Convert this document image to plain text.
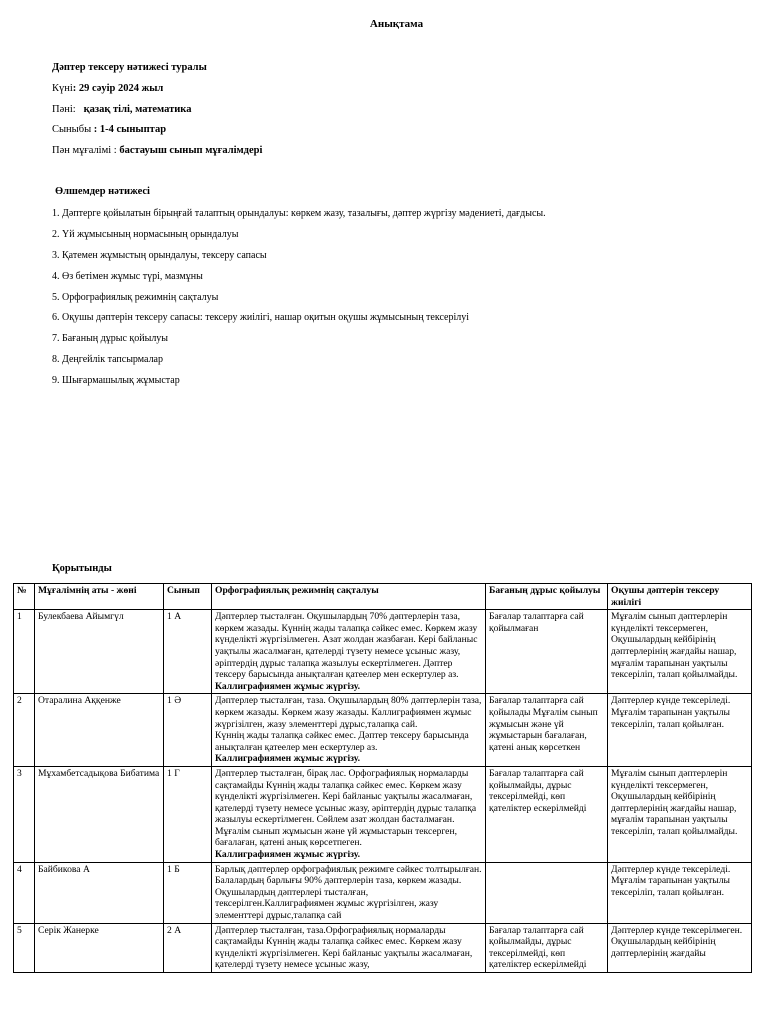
Анықтама
Дәптер тексеру нәтижесі туралы
Күні: 29 сәуір 2024 жыл
Пәні: қазақ тілі, математика
Сыныбы : 1-4 сыныптар
Пән мұғалімі : бастауыш сынып мұғалімдері
Өлшемдер нәтижесі
1. Дәптерге қойылатын бірыңғай талаптың орындалуы: көркем жазу, тазалығы, дәптер жүргізу мәдениеті, дағдысы.
2. Үй жұмысының нормасының орындалуы
3. Қатемен жұмыстың орындалуы, тексеру сапасы
4. Өз бетімен жұмыс түрі, мазмұны
5. Орфографиялық режимнің сақталуы
6. Оқушы дәптерін тексеру сапасы: тексеру жиілігі, нашар оқитын оқушы жұмысының тексерілуі
7. Бағаның дұрыс қойылуы
8. Деңгейлік тапсырмалар
9. Шығармашылық жұмыстар
Қорытынды
№	Мұғалімнің аты - жөні	Сынып	Орфографиялық режимнің сақталуы	Бағаның дұрыс қойылуы	Оқушы дәптерін тексеру жиілігі
1	Булекбаева Айымгүл	1 А	Дәптерлер тысталған. Оқушылардың 70% дәптерлерін таза, көркем жазады. Күннің жады талапқа сәйкес емес. Көркем жазу күнделікті жүргізілмеген. Азат жолдан жазбаған. Кері байланыс уақтылы жасалмаған, қателерді түзету немесе ұсыныс жазу, әріптердің дұрыс талапқа жазылуы ескертілмеген. Дәптер тексеру барысында анықталған қатеелер мен ескертулер аз.
Каллиграфиямен жұмыс жүргізу.	Бағалар талаптарға сай қойылмаған	Мұғалім сынып дәптерлерін күнделікті тексермеген, Оқушылардың кейбірінің дәптерлерінің жағдайы нашар, мұғалім тарапынан уақтылы тексеріліп, талап қойылмайды.
2	Отаралина Аққенже	1 Ә	Дәптерлер тысталған, таза. Оқушылардың 80% дәптерлерін таза, көркем жазады. Көркем жазу жазады. Каллиграфиямен жұмыс жүргізілген, жазу элементтері дұрыс,талапқа сай.
Күннің жады талапқа сәйкес емес. Дәптер тексеру барысында анықталған қатеелер мен ескертулер аз.
Каллиграфиямен жұмыс жүргізу.	Бағалар талаптарға сай қойылады Мұғалім сынып жұмысын және үй жұмыстарын бағалаған, қатені анық көрсеткен	Дәптерлер күнде тексеріледі. Мұғалім тарапынан уақтылы тексеріліп, талап қойылған.
3	Мұхамбетсадықова Бибатима	1 Г	Дәптерлер тысталған, бірақ лас. Орфографиялық нормаларды сақтамайды Күннің жады талапқа сәйкес емес. Көркем жазу күнделікті жүргізілмеген. Кері байланыс уақтылы жасалмаған, қателерді түзету немесе ұсыныс жазу, әріптердің дұрыс талапқа жазылуы ескертілмеген. Сөйлем азат жолдан басталмаған. Мұғалім сынып жұмысын және үй жұмыстарын тексерген, бағалаған, қатені анық көрсетпеген.
Каллиграфиямен жұмыс жүргізу.	Бағалар талаптарға сай қойылмайды, дұрыс тексерілмейді, көп қателіктер ескерілмейді	Мұғалім сынып дәптерлерін күнделікті тексермеген, Оқушылардың кейбірінің дәптерлерінің жағдайы нашар, мұғалім тарапынан уақтылы тексеріліп, талап қойылмайды.
4	Байбикова А	1 Б	Барлық дәптерлер орфографиялық режимге сәйкес толтырылған. Балалардың барлығы 90% дәптерлерін таза, көркем жазады. Оқушылардың дәптерлері тысталған, тексерілген.Каллиграфиямен жұмыс жүргізілген, жазу элементтері дұрыс,талапқа сай		Дәптерлер күнде тексеріледі. Мұғалім тарапынан уақтылы тексеріліп, талап қойылған.
5	Серік Жанерке	2 А	Дәптерлер тысталған, таза.Орфографиялық нормаларды сақтамайды Күннің жады талапқа сәйкес емес. Көркем жазу күнделікті жүргізілмеген. Кері байланыс уақтылы жасалмаған, қателерді түзету немесе ұсыныс жазу,	Бағалар талаптарға сай қойылмайды, дұрыс тексерілмейді, көп қателіктер ескерілмейді	Дәптерлер күнде тексерілмеген. Оқушылардың кейбірінің дәптерлерінің жағдайы
